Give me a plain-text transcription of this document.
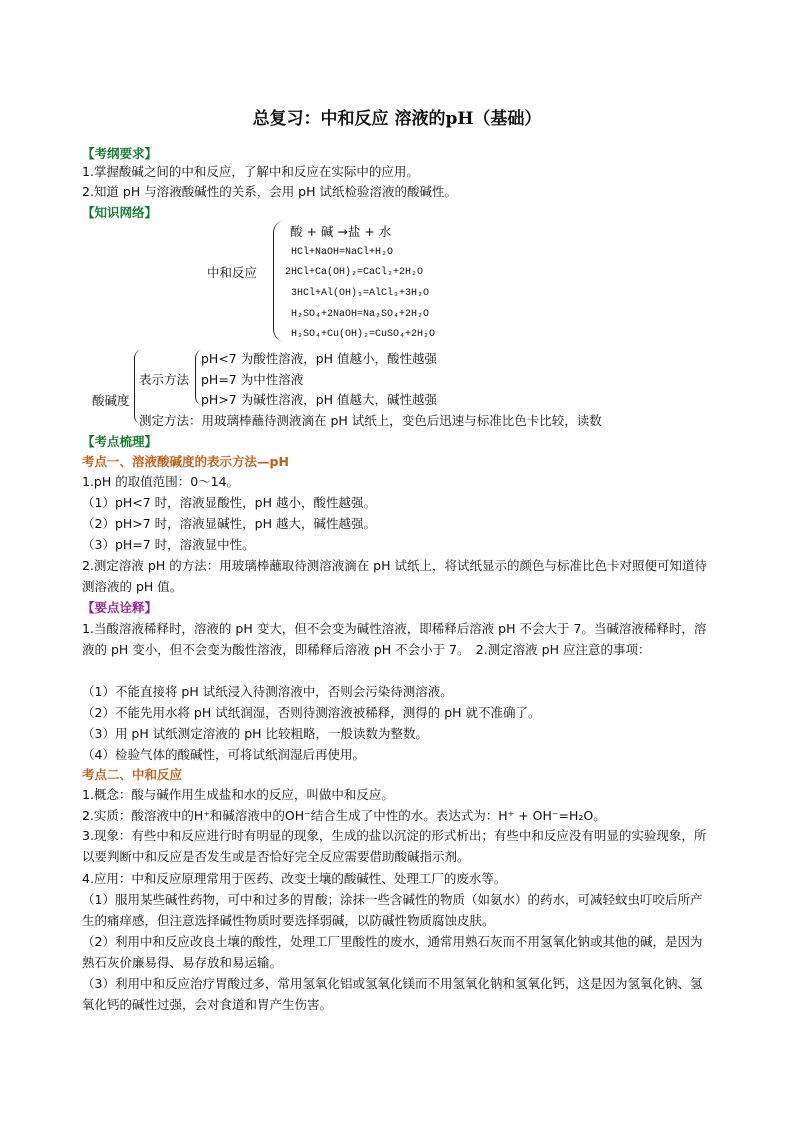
总复习：中和反应 溶液的pH（基础）
【考纲要求】
1.掌握酸碱之间的中和反应，了解中和反应在实际中的应用。
2.知道 pH 与溶液酸碱性的关系，会用 pH 试纸检验溶液的酸碱性。
【知识网络】
中和反应
酸 + 碱 →盐 + 水
HCl+NaOH=NaCl+H₂O
2HCl+Ca(OH)₂=CaCl₂+2H₂O
3HCl+Al(OH)₃=AlCl₃+3H₂O
H₂SO₄+2NaOH=Na₂SO₄+2H₂O
H₂SO₄+Cu(OH)₂=CuSO₄+2H₂O
酸碱度
表示方法
pH<7 为酸性溶液，pH 值越小，酸性越强
pH=7 为中性溶液
pH>7 为碱性溶液，pH 值越大，碱性越强
测定方法：用玻璃棒蘸待测液滴在 pH 试纸上，变色后迅速与标准比色卡比较，读数
【考点梳理】
考点一、溶液酸碱度的表示方法—pH
1.pH 的取值范围：0～14。
（1）pH<7 时，溶液显酸性，pH 越小，酸性越强。
（2）pH>7 时，溶液显碱性，pH 越大，碱性越强。
（3）pH=7 时，溶液显中性。
2.测定溶液 pH 的方法：用玻璃棒蘸取待测溶液滴在 pH 试纸上，将试纸显示的颜色与标准比色卡对照便可知道待测溶液的 pH 值。
【要点诠释】
1.当酸溶液稀释时，溶液的 pH 变大，但不会变为碱性溶液，即稀释后溶液 pH 不会大于 7。当碱溶液稀释时，溶液的 pH 变小，但不会变为酸性溶液，即稀释后溶液 pH 不会小于 7。　2.测定溶液 pH 应注意的事项：
（1）不能直接将 pH 试纸浸入待测溶液中，否则会污染待测溶液。
（2）不能先用水将 pH 试纸润湿，否则待测溶液被稀释，测得的 pH 就不准确了。
（3）用 pH 试纸测定溶液的 pH 比较粗略，一般读数为整数。
（4）检验气体的酸碱性，可将试纸润湿后再使用。
考点二、中和反应
1.概念：酸与碱作用生成盐和水的反应，叫做中和反应。
2.实质：酸溶液中的H⁺和碱溶液中的OH⁻结合生成了中性的水。表达式为：H⁺ + OH⁻=H₂O。
3.现象：有些中和反应进行时有明显的现象，生成的盐以沉淀的形式析出；有些中和反应没有明显的实验现象，所以要判断中和反应是否发生或是否恰好完全反应需要借助酸碱指示剂。
4.应用：中和反应原理常用于医药、改变土壤的酸碱性、处理工厂的废水等。
（1）服用某些碱性药物，可中和过多的胃酸；涂抹一些含碱性的物质（如氨水）的药水，可减轻蚊虫叮咬后所产生的痛痒感，但注意选择碱性物质时要选择弱碱，以防碱性物质腐蚀皮肤。
（2）利用中和反应改良土壤的酸性，处理工厂里酸性的废水，通常用熟石灰而不用氢氧化钠或其他的碱，是因为熟石灰价廉易得、易存放和易运输。
（3）利用中和反应治疗胃酸过多，常用氢氧化铝或氢氧化镁而不用氢氧化钠和氢氧化钙，这是因为氢氧化钠、氢氧化钙的碱性过强，会对食道和胃产生伤害。
